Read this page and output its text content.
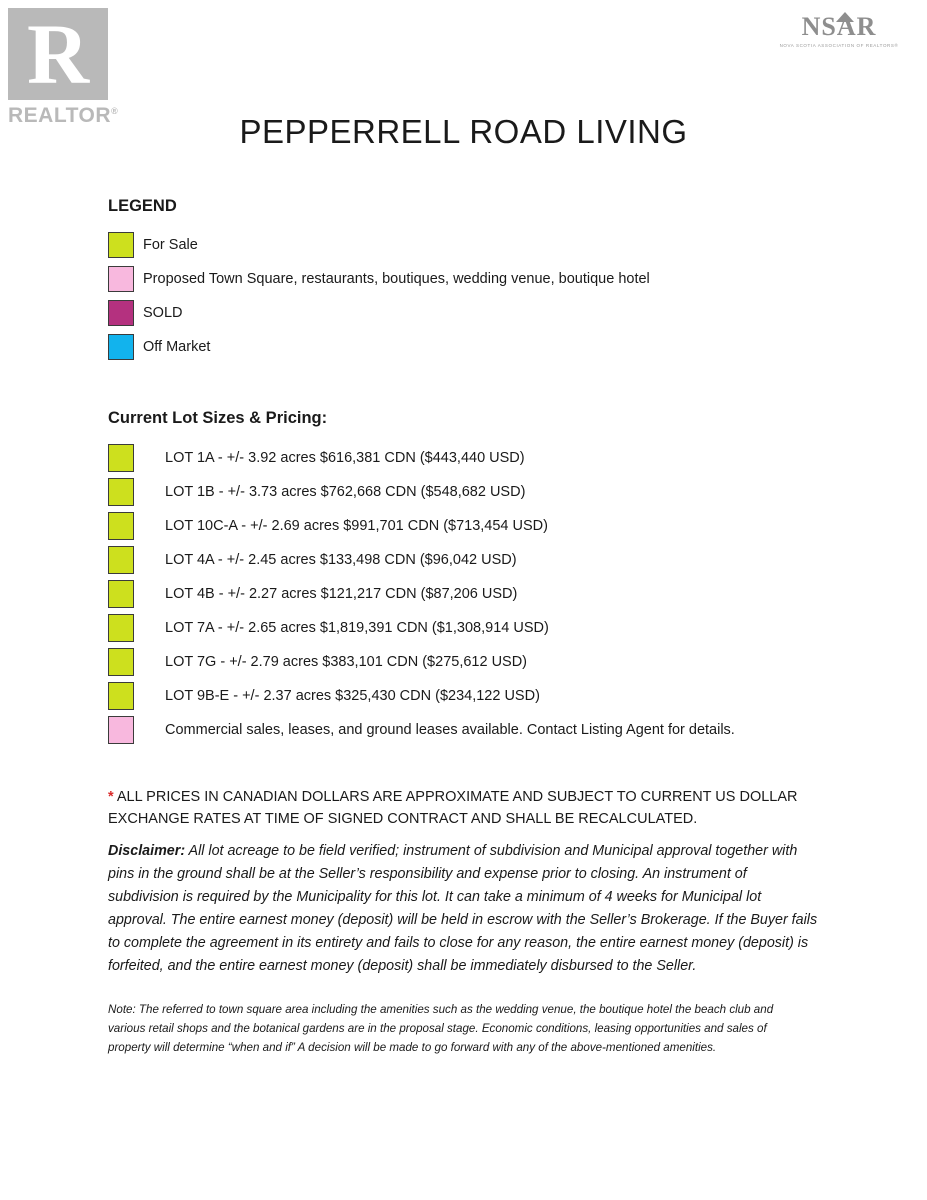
R
REALTOR®
NSAR
NOVA SCOTIA ASSOCIATION OF REALTORS®
PEPPERRELL ROAD LIVING
LEGEND
For Sale
Proposed Town Square, restaurants, boutiques, wedding venue, boutique hotel
SOLD
Off Market
Current Lot Sizes & Pricing:
LOT 1A - +/- 3.92 acres $616,381 CDN ($443,440 USD)
LOT 1B - +/- 3.73 acres $762,668 CDN ($548,682 USD)
LOT 10C-A - +/- 2.69 acres $991,701 CDN ($713,454 USD)
LOT 4A - +/- 2.45 acres $133,498 CDN ($96,042 USD)
LOT 4B - +/- 2.27 acres $121,217 CDN ($87,206 USD)
LOT 7A - +/- 2.65 acres $1,819,391 CDN ($1,308,914 USD)
LOT 7G - +/- 2.79 acres $383,101 CDN ($275,612 USD)
LOT 9B-E - +/- 2.37 acres $325,430 CDN ($234,122 USD)
Commercial sales, leases, and ground leases available. Contact Listing Agent for details.
* ALL PRICES IN CANADIAN DOLLARS ARE APPROXIMATE AND SUBJECT TO CURRENT US DOLLAR EXCHANGE RATES AT TIME OF SIGNED CONTRACT AND SHALL BE RECALCULATED.
Disclaimer: All lot acreage to be field verified; instrument of subdivision and Municipal approval together with pins in the ground shall be at the Seller’s responsibility and expense prior to closing. An instrument of subdivision is required by the Municipality for this lot. It can take a minimum of 4 weeks for Municipal lot approval. The entire earnest money (deposit) will be held in escrow with the Seller’s Brokerage. If the Buyer fails to complete the agreement in its entirety and fails to close for any reason, the entire earnest money (deposit) is forfeited, and the entire earnest money (deposit) shall be immediately disbursed to the Seller.
Note: The referred to town square area including the amenities such as the wedding venue, the boutique hotel the beach club and various retail shops and the botanical gardens are in the proposal stage. Economic conditions, leasing opportunities and sales of property will determine “when and if” A decision will be made to go forward with any of the above-mentioned amenities.
